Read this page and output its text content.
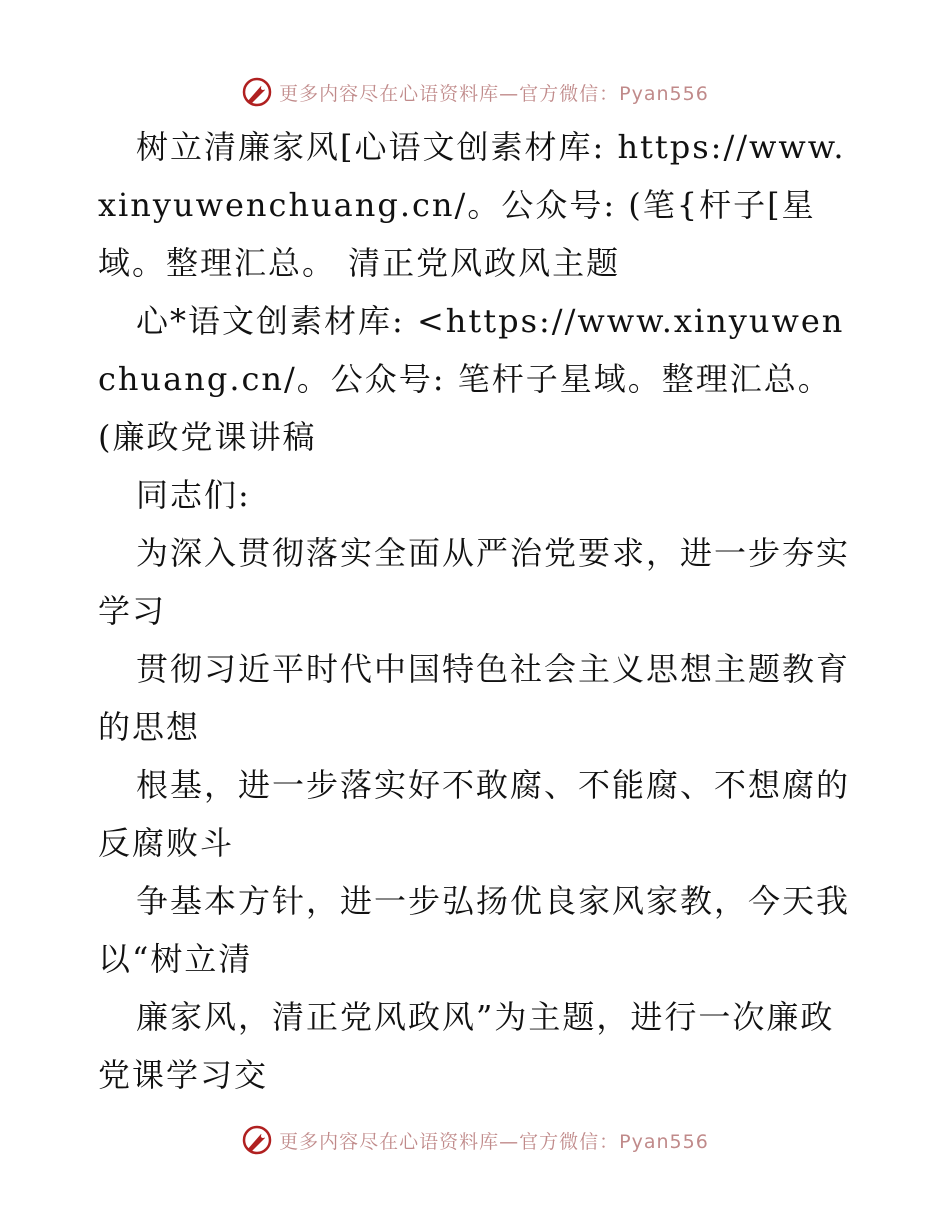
更多内容尽在心语资料库—官方微信：Pyan556

树立清廉家风[心语文创素材库: https://www.xinyuwenchuang.cn/。公众号: (笔{杆子[星域。整理汇总。 清正党风政风主题

心*语文创素材库: <https://www.xinyuwenchuang.cn/。公众号: 笔杆子星域。整理汇总。(廉政党课讲稿

同志们:

为深入贯彻落实全面从严治党要求，进一步夯实学习

贯彻习近平时代中国特色社会主义思想主题教育的思想

根基，进一步落实好不敢腐、不能腐、不想腐的反腐败斗

争基本方针，进一步弘扬优良家风家教，今天我以“树立清

廉家风，清正党风政风”为主题，进行一次廉政党课学习交

更多内容尽在心语资料库—官方微信：Pyan556
